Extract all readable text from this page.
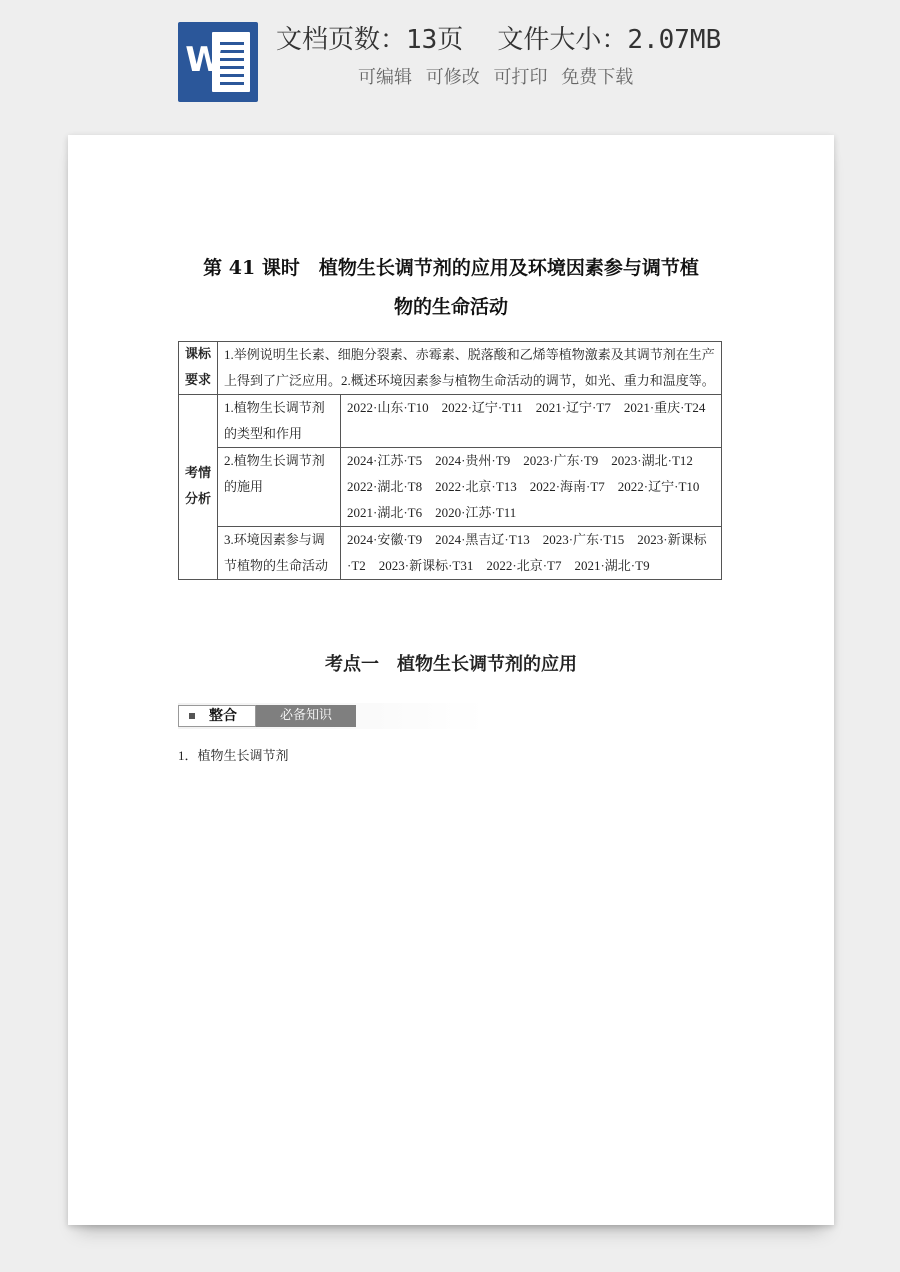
W 文档页数：13页 文件大小：2.07MB
可编辑 可修改 可打印 免费下载
第 41 课时　植物生长调节剂的应用及环境因素参与调节植
物的生命活动
课标要求	1.举例说明生长素、细胞分裂素、赤霉素、脱落酸和乙烯等植物激素及其调节剂在生产上得到了广泛应用。2.概述环境因素参与植物生命活动的调节，如光、重力和温度等。	
考情分析	1.植物生长调节剂的类型和作用	2022·山东·T10　2022·辽宁·T11　2021·辽宁·T7　2021·重庆·T24
	2.植物生长调节剂的施用	2024·江苏·T5　2024·贵州·T9　2023·广东·T9　2023·湖北·T12　2022·湖北·T8　2022·北京·T13　2022·海南·T7　2022·辽宁·T10　2021·湖北·T6　2020·江苏·T11
	3.环境因素参与调节植物的生命活动	2024·安徽·T9　2024·黑吉辽·T13　2023·广东·T15　2023·新课标·T2　2023·新课标·T31　2022·北京·T7　2021·湖北·T9
考点一 植物生长调节剂的应用
整合	必备知识
1．植物生长调节剂
